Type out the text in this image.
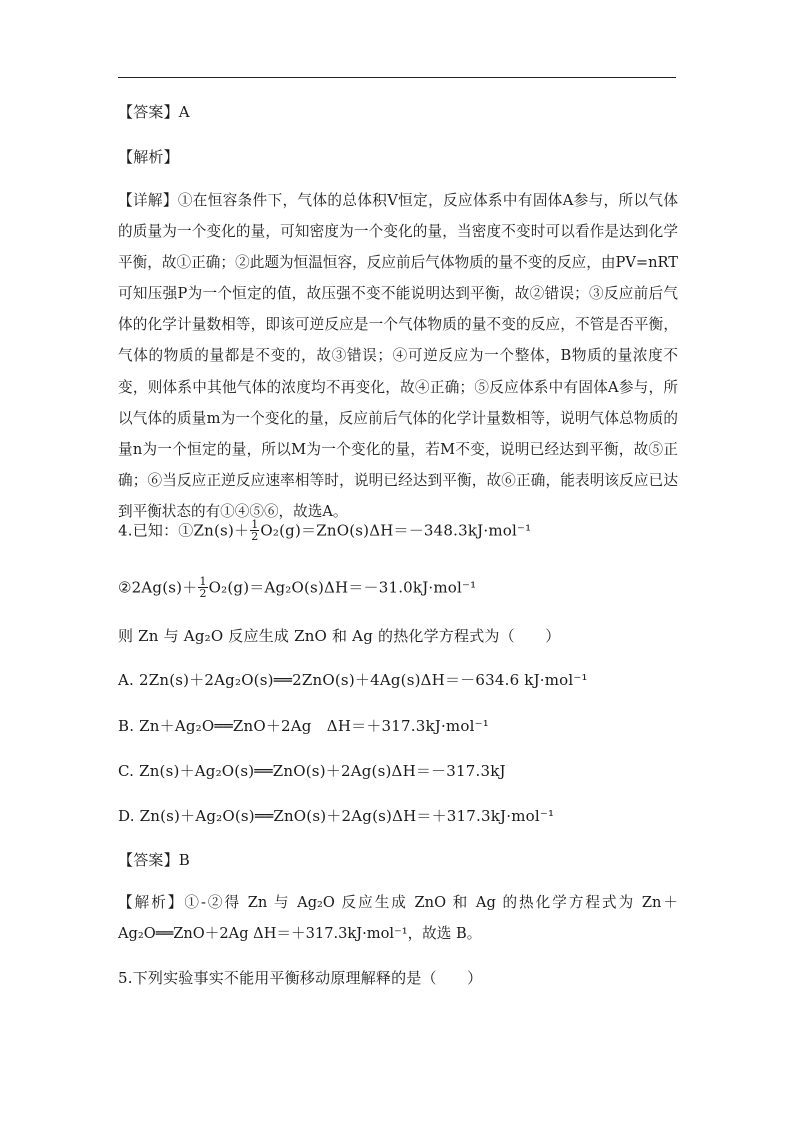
【答案】A
【解析】
【详解】①在恒容条件下，气体的总体积V恒定，反应体系中有固体A参与，所以气体的质量为一个变化的量，可知密度为一个变化的量，当密度不变时可以看作是达到化学平衡，故①正确；②此题为恒温恒容，反应前后气体物质的量不变的反应，由PV=nRT可知压强P为一个恒定的值，故压强不变不能说明达到平衡，故②错误；③反应前后气体的化学计量数相等，即该可逆反应是一个气体物质的量不变的反应，不管是否平衡，气体的物质的量都是不变的，故③错误；④可逆反应为一个整体，B物质的量浓度不变，则体系中其他气体的浓度均不再变化，故④正确；⑤反应体系中有固体A参与，所以气体的质量m为一个变化的量，反应前后气体的化学计量数相等，说明气体总物质的量n为一个恒定的量，所以M为一个变化的量，若M不变，说明已经达到平衡，故⑤正确；⑥当反应正逆反应速率相等时，说明已经达到平衡，故⑥正确，能表明该反应已达到平衡状态的有①④⑤⑥，故选A。
4.已知：①Zn(s)＋ $\frac{1}{2} O_2(g)=ZnO(s)\Delta H=-348.3kJ\cdot mol^{-1}$
②2Ag(s)＋ $\frac{1}{2} O_2(g)=Ag_2O(s)\Delta H=-31.0kJ\cdot mol^{-1}$
则 Zn 与 Ag₂O 反应生成 ZnO 和 Ag 的热化学方程式为（　　）
A. 2Zn(s)＋2Ag₂O(s)══2ZnO(s)＋4Ag(s)ΔH＝－634.6 kJ·mol⁻¹
B. Zn＋Ag₂O══ZnO＋2Ag　ΔH＝＋317.3kJ·mol⁻¹
C. Zn(s)＋Ag₂O(s)══ZnO(s)＋2Ag(s)ΔH＝－317.3kJ
D. Zn(s)＋Ag₂O(s)══ZnO(s)＋2Ag(s)ΔH＝＋317.3kJ·mol⁻¹
【答案】B
【解析】①-②得 Zn 与 Ag₂O 反应生成 ZnO 和 Ag 的热化学方程式为 Zn＋Ag₂O══ZnO＋2Ag ΔH＝＋317.3kJ·mol⁻¹，故选 B。
5.下列实验事实不能用平衡移动原理解释的是（　　）
